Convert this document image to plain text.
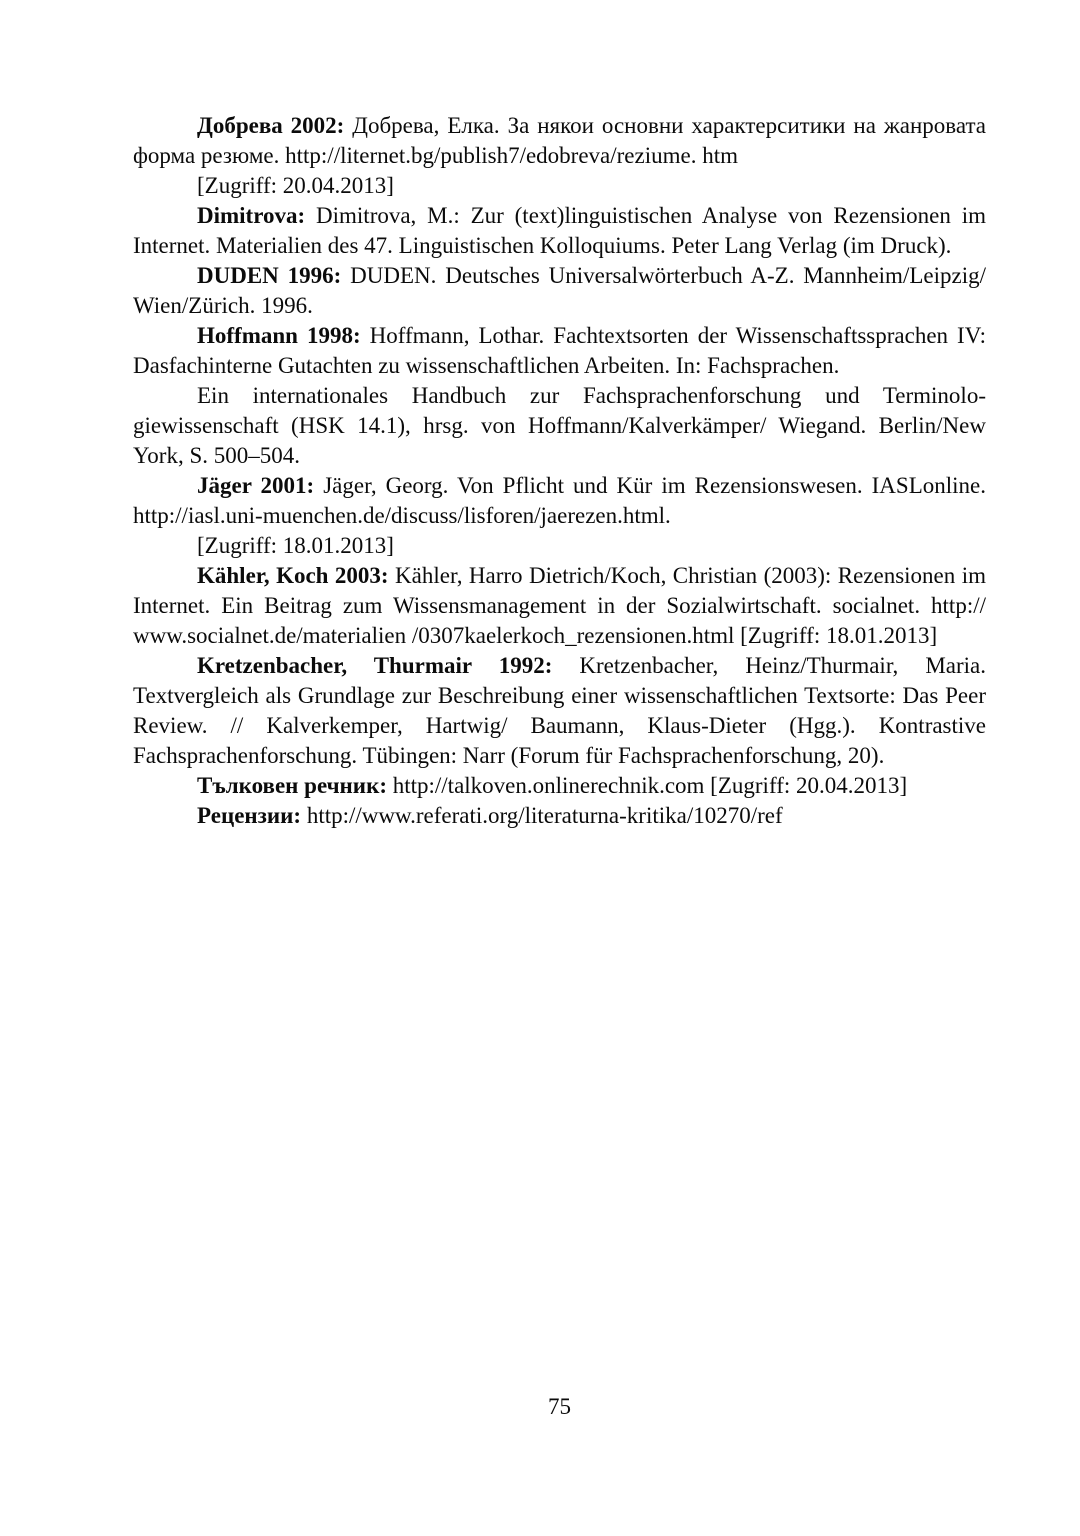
Добрева 2002: Добрева, Елка. За някои основни характерситики на жанровата форма резюме. http://liternet.bg/publish7/edobreva/reziume. htm

[Zugriff: 20.04.2013]

Dimitrova: Dimitrova, M.: Zur (text)linguistischen Analyse von Rezensionen im Internet. Materialien des 47. Linguistischen Kolloquiums. Peter Lang Verlag (im Druck).

DUDEN 1996: DUDEN. Deutsches Universalwörterbuch A-Z. Mannheim/Leipzig/ Wien/Zürich. 1996.

Hoffmann 1998: Hoffmann, Lothar. Fachtextsorten der Wissenschaftssprachen IV: Dasfachinterne Gutachten zu wissenschaftlichen Arbeiten. In: Fachsprachen.

Ein internationales Handbuch zur Fachsprachenforschung und Terminologiewissenschaft (HSK 14.1), hrsg. von Hoffmann/Kalverkämper/ Wiegand. Berlin/New York, S. 500–504.

Jäger 2001: Jäger, Georg. Von Pflicht und Kür im Rezensionswesen. IASLonline. http://iasl.uni-muenchen.de/discuss/lisforen/jaerezen.html.

[Zugriff: 18.01.2013]

Kähler, Koch 2003: Kähler, Harro Dietrich/Koch, Christian (2003): Rezensionen im Internet. Ein Beitrag zum Wissensmanagement in der Sozialwirtschaft. socialnet. http:// www.socialnet.de/materialien /0307kaelerkoch_rezensionen.html [Zugriff: 18.01.2013]

Kretzenbacher, Thurmair 1992: Kretzenbacher, Heinz/Thurmair, Maria. Textvergleich als Grundlage zur Beschreibung einer wissenschaftlichen Textsorte: Das Peer Review. // Kalverkemper, Hartwig/ Baumann, Klaus-Dieter (Hgg.). Kontrastive Fachsprachenforschung. Tübingen: Narr (Forum für Fachsprachenforschung, 20).

Тълковен речник: http://talkoven.onlinerechnik.com [Zugriff: 20.04.2013]

Рецензии: http://www.referati.org/literaturna-kritika/10270/ref

75
